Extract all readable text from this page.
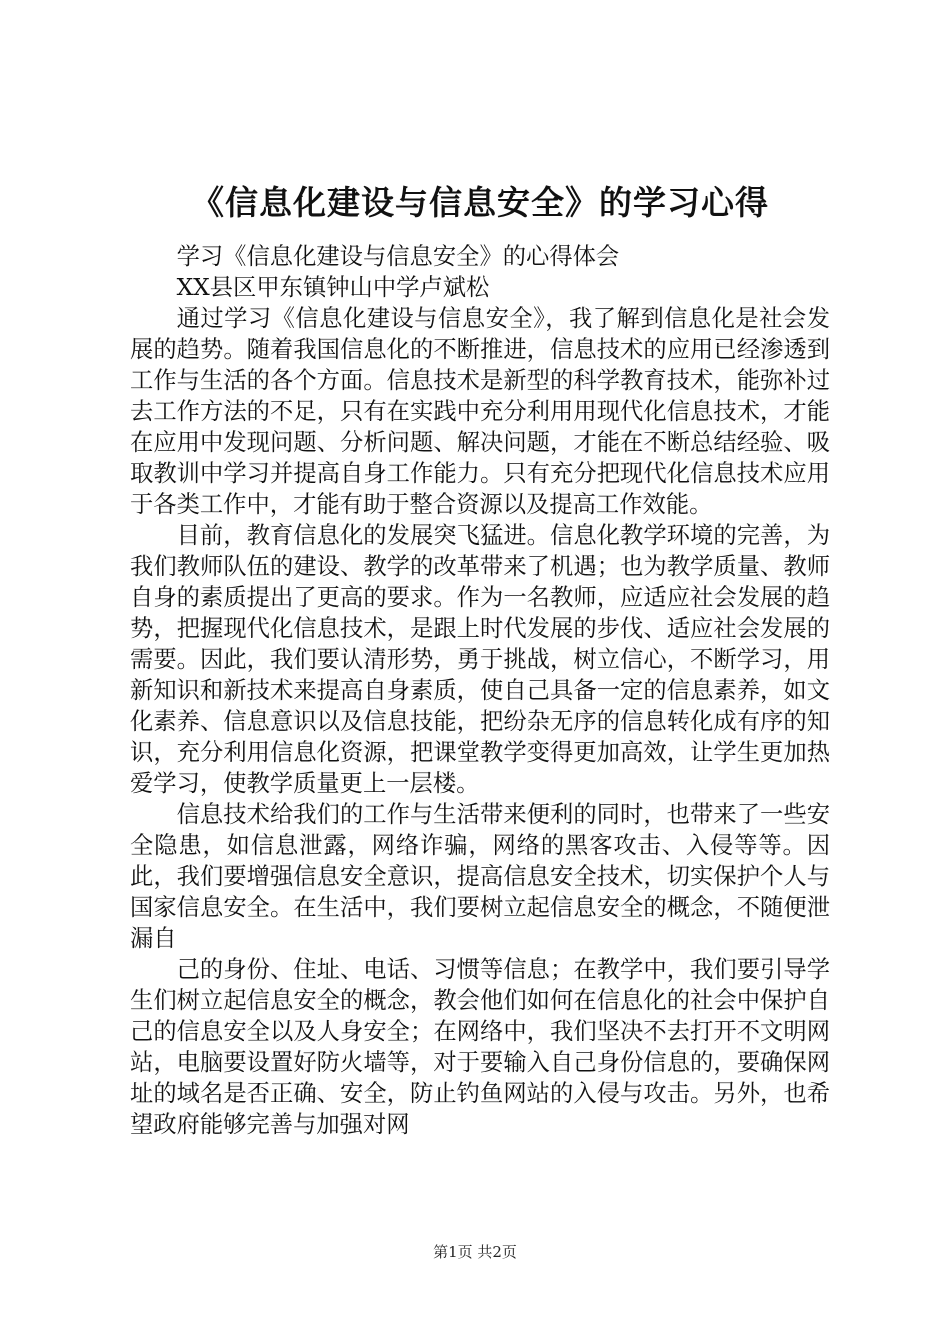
《信息化建设与信息安全》的学习心得

学习《信息化建设与信息安全》的心得体会

XX县区甲东镇钟山中学卢斌松

通过学习《信息化建设与信息安全》，我了解到信息化是社会发展的趋势。随着我国信息化的不断推进，信息技术的应用已经渗透到工作与生活的各个方面。信息技术是新型的科学教育技术，能弥补过去工作方法的不足，只有在实践中充分利用用现代化信息技术，才能在应用中发现问题、分析问题、解决问题，才能在不断总结经验、吸取教训中学习并提高自身工作能力。只有充分把现代化信息技术应用于各类工作中，才能有助于整合资源以及提高工作效能。

目前，教育信息化的发展突飞猛进。信息化教学环境的完善，为我们教师队伍的建设、教学的改革带来了机遇；也为教学质量、教师自身的素质提出了更高的要求。作为一名教师，应适应社会发展的趋势，把握现代化信息技术，是跟上时代发展的步伐、适应社会发展的需要。因此，我们要认清形势，勇于挑战，树立信心，不断学习，用新知识和新技术来提高自身素质，使自己具备一定的信息素养，如文化素养、信息意识以及信息技能，把纷杂无序的信息转化成有序的知识，充分利用信息化资源，把课堂教学变得更加高效，让学生更加热爱学习，使教学质量更上一层楼。

信息技术给我们的工作与生活带来便利的同时，也带来了一些安全隐患，如信息泄露，网络诈骗，网络的黑客攻击、入侵等等。因此，我们要增强信息安全意识，提高信息安全技术，切实保护个人与国家信息安全。在生活中，我们要树立起信息安全的概念，不随便泄漏自

己的身份、住址、电话、习惯等信息；在教学中，我们要引导学生们树立起信息安全的概念，教会他们如何在信息化的社会中保护自己的信息安全以及人身安全；在网络中，我们坚决不去打开不文明网站，电脑要设置好防火墙等，对于要输入自己身份信息的，要确保网址的域名是否正确、安全，防止钓鱼网站的入侵与攻击。另外，也希望政府能够完善与加强对网

第1页 共2页
